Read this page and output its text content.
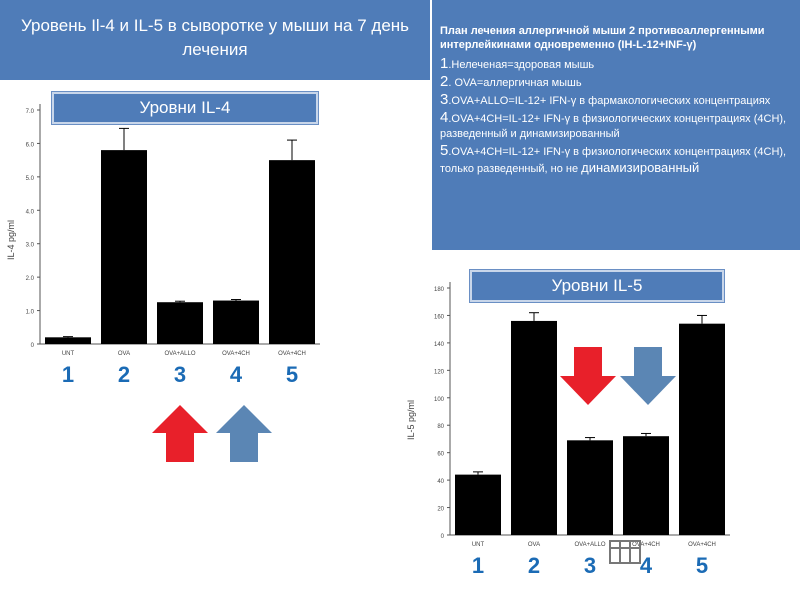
Уровень Il-4 и IL-5 в сыворотке у мыши на 7 день лечения
План лечения аллергичной мыши 2 противоаллергенными интерлейкинами одновременно (IH-L-12+INF-γ)
1.Нелеченая=здоровая мышь
2. OVA=аллергичная мышь
3.OVA+ALLO=IL-12+ IFN-γ в фармакологических концентрациях
4.OVA+4CH=IL-12+ IFN-γ в физиологических концентрациях (4CH), разведенный и динамизированный
5.OVA+4CH=IL-12+ IFN-γ в физиологических концентрациях (4CH), только разведенный, но не динамизированный
0
1.0
2.0
3.0
4.0
5.0
6.0
7.0
IL-4 pg/ml
UNT
1
OVA
2
OVA+ALLO
3
OVA+4CH
4
OVA+4CH
5
Уровни IL-4
0
20
40
60
80
100
120
140
160
180
IL-5 pg/ml
UNT
1
OVA
2
OVA+ALLO
3
OVA+4CH
4
OVA+4CH
5
Уровни IL-5
